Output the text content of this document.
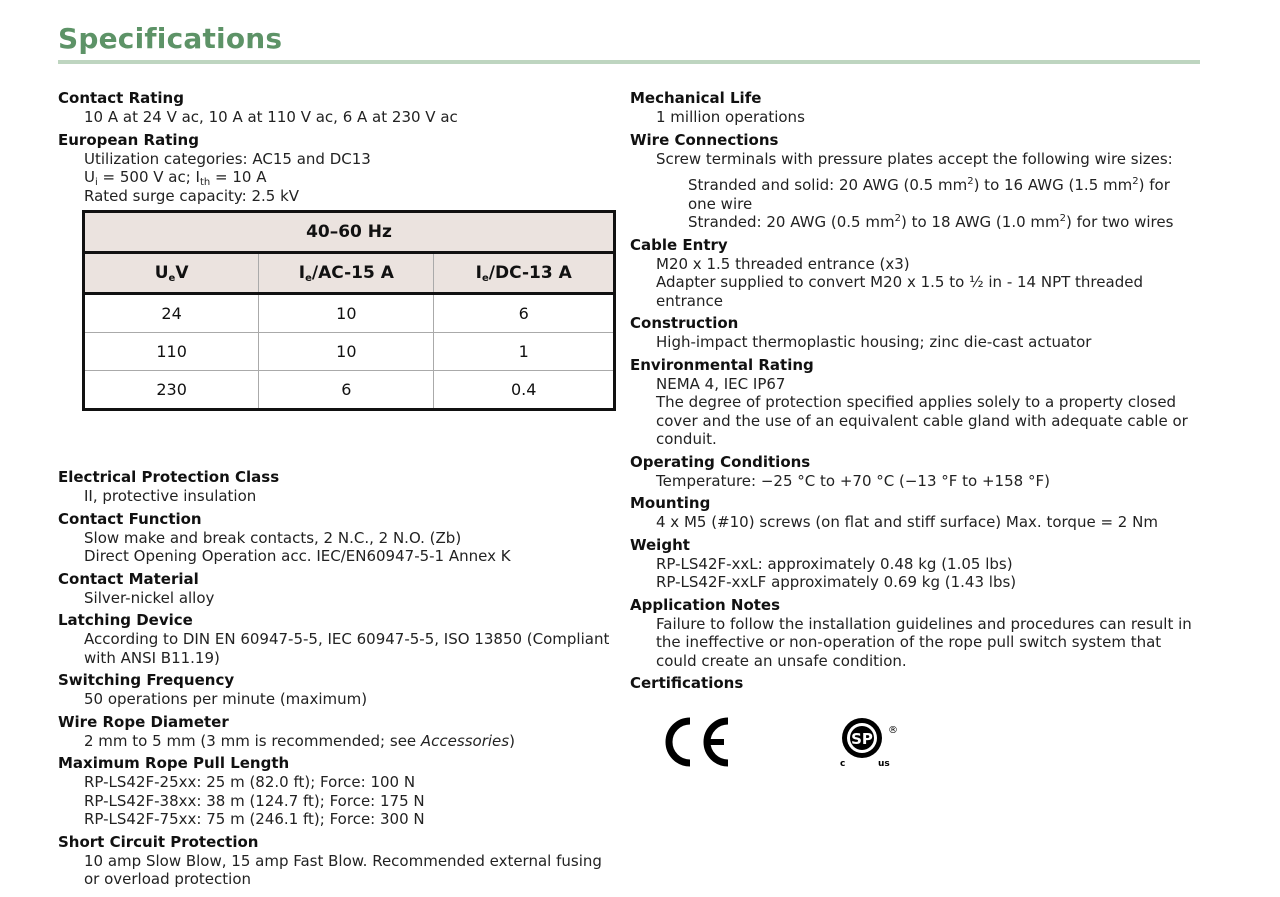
Specifications
Contact Rating
10 A at 24 V ac, 10 A at 110 V ac, 6 A at 230 V ac
European Rating
Utilization categories: AC15 and DC13
$U_i = 500$ V ac; $I_{th} = 10$ A
Rated surge capacity: 2.5 kV
40–60 Hz		
$U_eV$	$I_e/AC-15$ A	$I_e/DC-13$ A
24	10	6
110	10	1
230	6	0.4
Electrical Protection Class
II, protective insulation
Contact Function
Slow make and break contacts, 2 N.C., 2 N.O. (Zb)
Direct Opening Operation acc. IEC/EN60947-5-1 Annex K
Contact Material
Silver-nickel alloy
Latching Device
According to DIN EN 60947-5-5, IEC 60947-5-5, ISO 13850 (Compliant
with ANSI B11.19)
Switching Frequency
50 operations per minute (maximum)
Wire Rope Diameter
2 mm to 5 mm (3 mm is recommended; see Accessories)
Maximum Rope Pull Length
RP-LS42F-25xx: 25 m (82.0 ft); Force: 100 N
RP-LS42F-38xx: 38 m (124.7 ft); Force: 175 N
RP-LS42F-75xx: 75 m (246.1 ft); Force: 300 N
Short Circuit Protection
10 amp Slow Blow, 15 amp Fast Blow. Recommended external fusing
or overload protection
Mechanical Life
1 million operations
Wire Connections
Screw terminals with pressure plates accept the following wire sizes:
Stranded and solid: 20 AWG (0.5 $mm^2$) to 16 AWG (1.5 $mm^2$) for
one wire
Stranded: 20 AWG (0.5 $mm^2$) to 18 AWG (1.0 $mm^2$) for two wires
Cable Entry
M20 x 1.5 threaded entrance (x3)
Adapter supplied to convert M20 x 1.5 to ½ in - 14 NPT threaded
entrance
Construction
High-impact thermoplastic housing; zinc die-cast actuator
Environmental Rating
NEMA 4, IEC IP67
The degree of protection specified applies solely to a property closed
cover and the use of an equivalent cable gland with adequate cable or
conduit.
Operating Conditions
Temperature: −25 °C to +70 °C (−13 °F to +158 °F)
Mounting
4 x M5 (#10) screws (on flat and stiff surface) Max. torque = 2 Nm
Weight
RP-LS42F-xxL: approximately 0.48 kg (1.05 lbs)
RP-LS42F-xxLF approximately 0.69 kg (1.43 lbs)
Application Notes
Failure to follow the installation guidelines and procedures can result in
the ineffective or non-operation of the rope pull switch system that
could create an unsafe condition.
Certifications
SP
c	us
®
